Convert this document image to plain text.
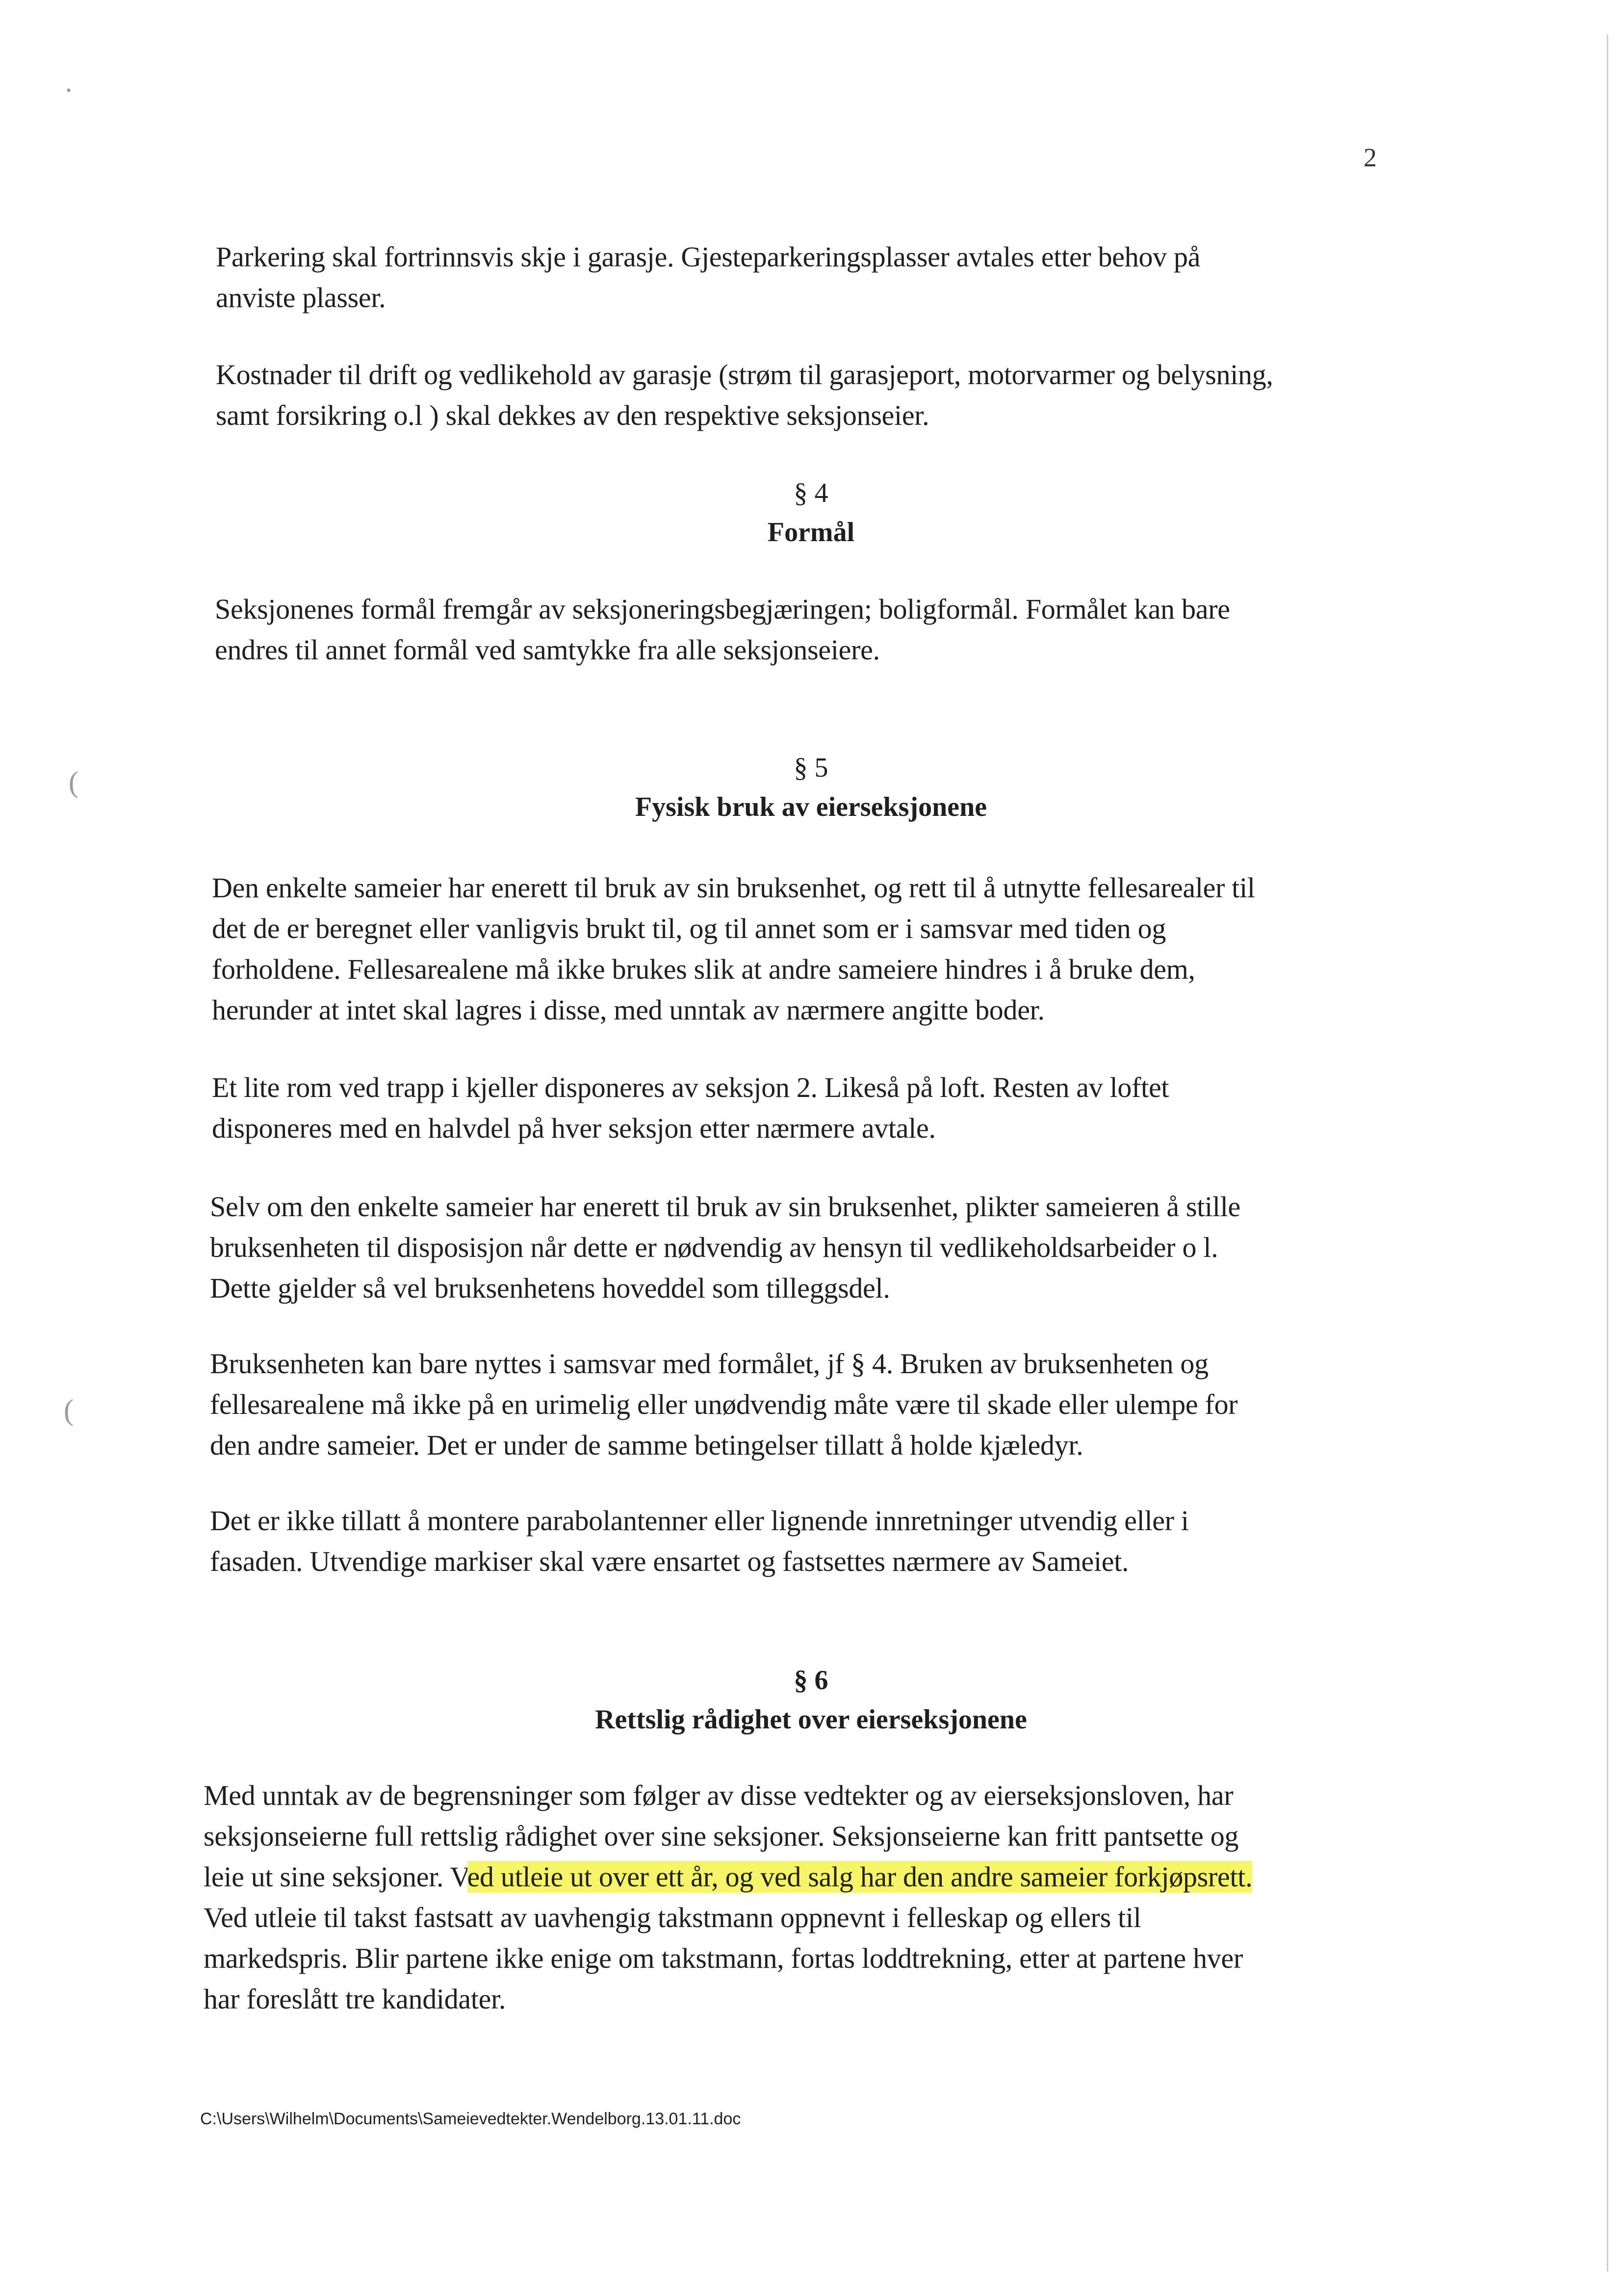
·
(
(
2

Parkering skal fortrinnsvis skje i garasje. Gjesteparkeringsplasser avtales etter behov på
anviste plasser.

Kostnader til drift og vedlikehold av garasje (strøm til garasjeport, motorvarmer og belysning,
samt forsikring o.l ) skal dekkes av den respektive seksjonseier.

§ 4
Formål

Seksjonenes formål fremgår av seksjoneringsbegjæringen; boligformål. Formålet kan bare
endres til annet formål ved samtykke fra alle seksjonseiere.

§ 5
Fysisk bruk av eierseksjonene

Den enkelte sameier har enerett til bruk av sin bruksenhet, og rett til å utnytte fellesarealer til
det de er beregnet eller vanligvis brukt til, og til annet som er i samsvar med tiden og
forholdene. Fellesarealene må ikke brukes slik at andre sameiere hindres i å bruke dem,
herunder at intet skal lagres i disse, med unntak av nærmere angitte boder.

Et lite rom ved trapp i kjeller disponeres av seksjon 2. Likeså på loft. Resten av loftet
disponeres med en halvdel på hver seksjon etter nærmere avtale.

Selv om den enkelte sameier har enerett til bruk av sin bruksenhet, plikter sameieren å stille
bruksenheten til disposisjon når dette er nødvendig av hensyn til vedlikeholdsarbeider o l.
Dette gjelder så vel bruksenhetens hoveddel som tilleggsdel.

Bruksenheten kan bare nyttes i samsvar med formålet, jf § 4. Bruken av bruksenheten og
fellesarealene må ikke på en urimelig eller unødvendig måte være til skade eller ulempe for
den andre sameier. Det er under de samme betingelser tillatt å holde kjæledyr.

Det er ikke tillatt å montere parabolantenner eller lignende innretninger utvendig eller i
fasaden. Utvendige markiser skal være ensartet og fastsettes nærmere av Sameiet.

§ 6
Rettslig rådighet over eierseksjonene

Med unntak av de begrensninger som følger av disse vedtekter og av eierseksjonsloven, har
seksjonseierne full rettslig rådighet over sine seksjoner. Seksjonseierne kan fritt pantsette og
leie ut sine seksjoner. Ved utleie ut over ett år, og ved salg har den andre sameier forkjøpsrett.
Ved utleie til takst fastsatt av uavhengig takstmann oppnevnt i felleskap og ellers til
markedspris. Blir partene ikke enige om takstmann, fortas loddtrekning, etter at partene hver
har foreslått tre kandidater.

C:\Users\Wilhelm\Documents\Sameievedtekter.Wendelborg.13.01.11.doc
